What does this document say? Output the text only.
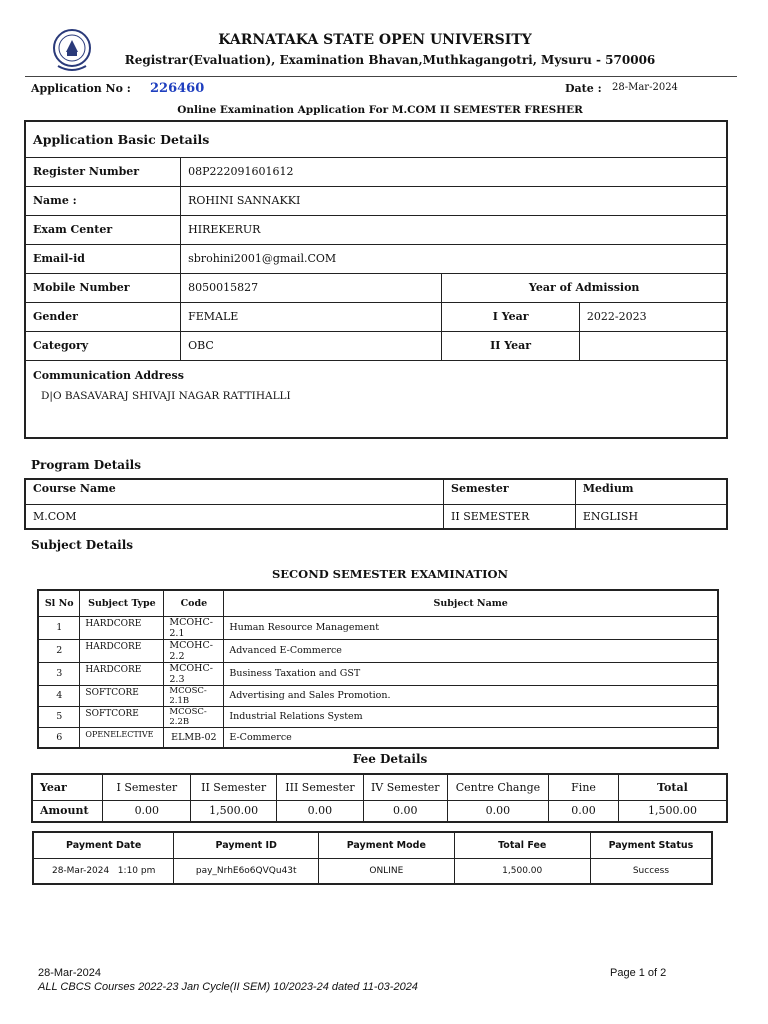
KARNATAKA STATE OPEN UNIVERSITY
Registrar(Evaluation), Examination Bhavan,Muthkagangotri, Mysuru - 570006
Application No : 226460	Date : 28-Mar-2024
Online Examination Application For M.COM II SEMESTER FRESHER
Application Basic Details			
Register Number	08P222091601612		
Name :	ROHINI SANNAKKI		
Exam Center	HIREKERUR		
Email-id	sbrohini2001@gmail.COM		
Mobile Number	8050015827	Year of Admission	
Gender	FEMALE	I Year	2022-2023
Category	OBC	II Year	

Communication Address
D|O BASAVARAJ SHIVAJI NAGAR RATTIHALLI			
Program Details
Course Name	Semester	Medium
M.COM	II SEMESTER	ENGLISH
Subject Details
SECOND SEMESTER EXAMINATION
Sl No	Subject Type	Code	Subject Name
1	HARDCORE	MCOHC-2.1	Human Resource Management
2	HARDCORE	MCOHC-2.2	Advanced E-Commerce
3	HARDCORE	MCOHC-2.3	Business Taxation and GST
4	SOFTCORE	MCOSC-2.1B	Advertising and Sales Promotion.
5	SOFTCORE	MCOSC-2.2B	Industrial Relations System
6	OPENELECTIVE	ELMB-02	E-Commerce
Fee Details
Year	I Semester	II Semester	III Semester	IV Semester	Centre Change	Fine	Total
Amount	0.00	1,500.00	0.00	0.00	0.00	0.00	1,500.00
Payment Date	Payment ID	Payment Mode	Total Fee	Payment Status
28-Mar-2024   1:10 pm	pay_NrhE6o6QVQu43t	ONLINE	1,500.00	Success
28-Mar-2024	Page 1 of 2
ALL CBCS Courses 2022-23 Jan Cycle(II SEM) 10/2023-24 dated 11-03-2024
